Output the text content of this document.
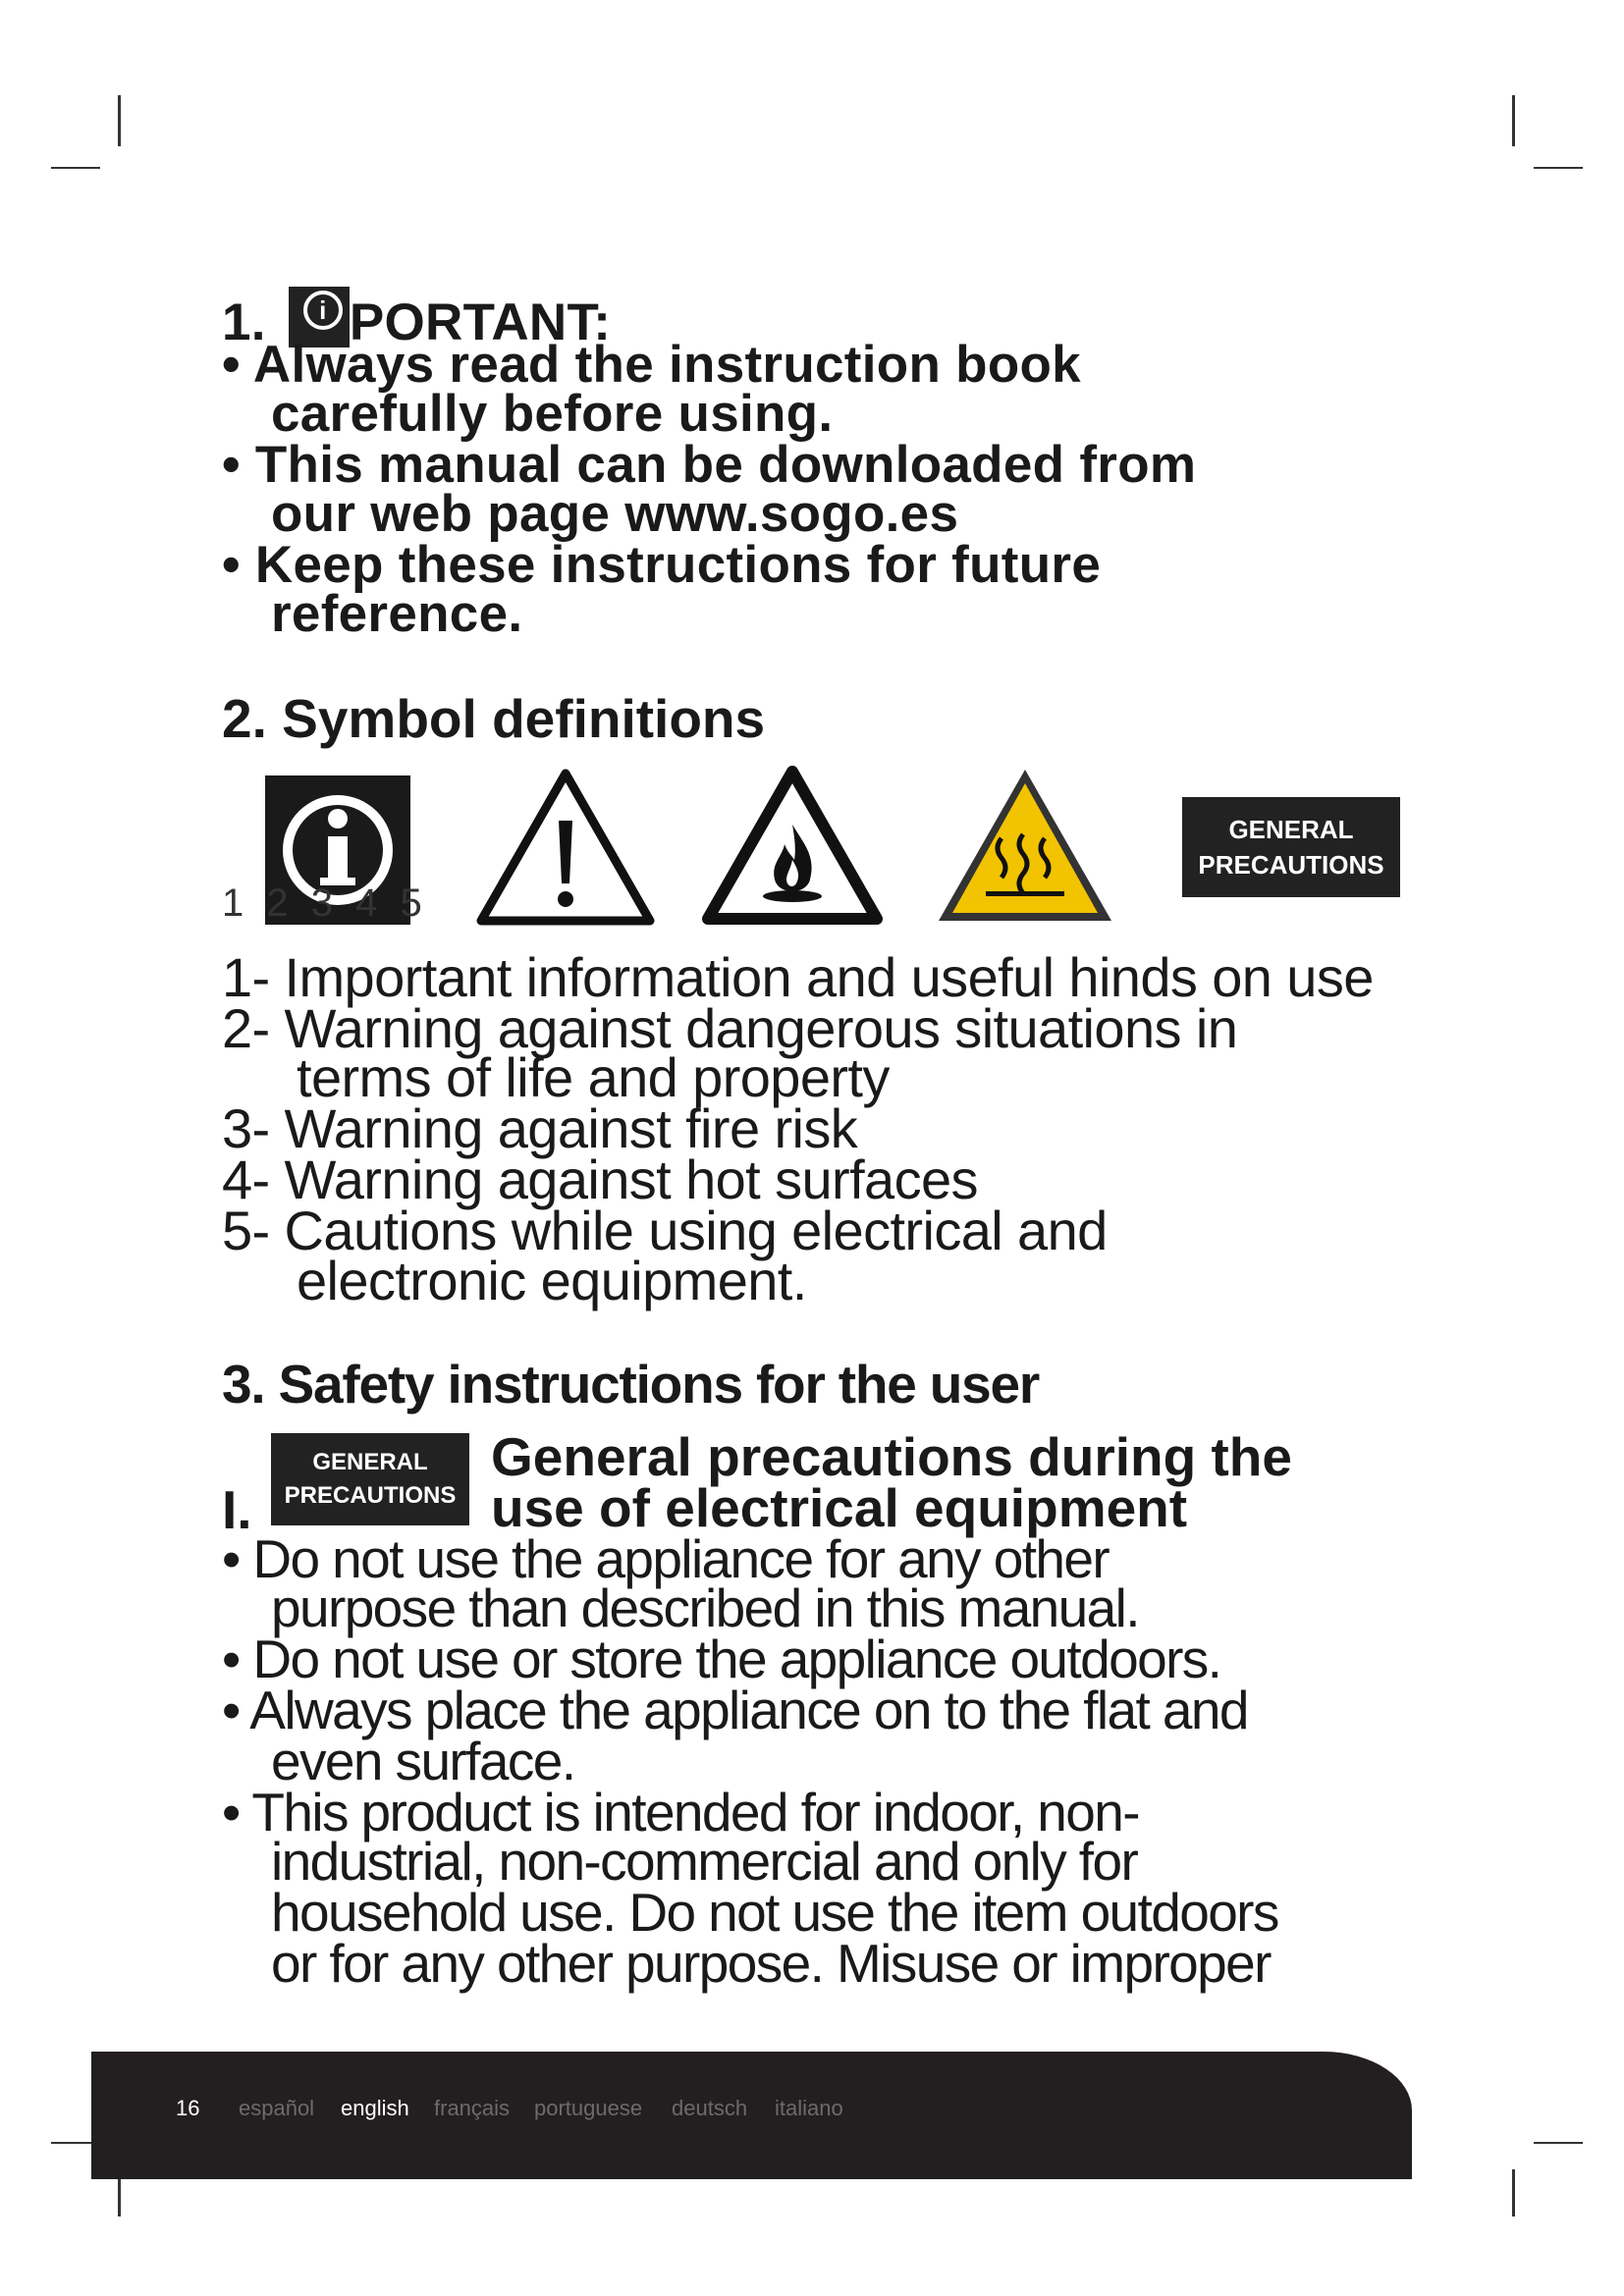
1.	i PORTANT:
• Always read the instruction book
carefully before using.
• This manual can be downloaded from
our web page www.sogo.es
• Keep these instructions for future
reference.
2. Symbol definitions
1 2 3 4 5
GENERAL
PRECAUTIONS
1- Important information and useful hinds on use
2- Warning against dangerous situations in
terms of life and property
3- Warning against fire risk
4- Warning against hot surfaces
5- Cautions while using electrical and
electronic equipment.
3. Safety instructions for the user
I.
GENERAL
PRECAUTIONS
General precautions during the
use of electrical equipment
• Do not use the appliance for any other
purpose than described in this manual.
• Do not use or store the appliance outdoors.
• Always place the appliance on to the flat and
even surface.
• This product is intended for indoor, non-
industrial, non-commercial and only for
household use. Do not use the item outdoors
or for any other purpose. Misuse or improper
16 español english français portuguese deutsch italiano
